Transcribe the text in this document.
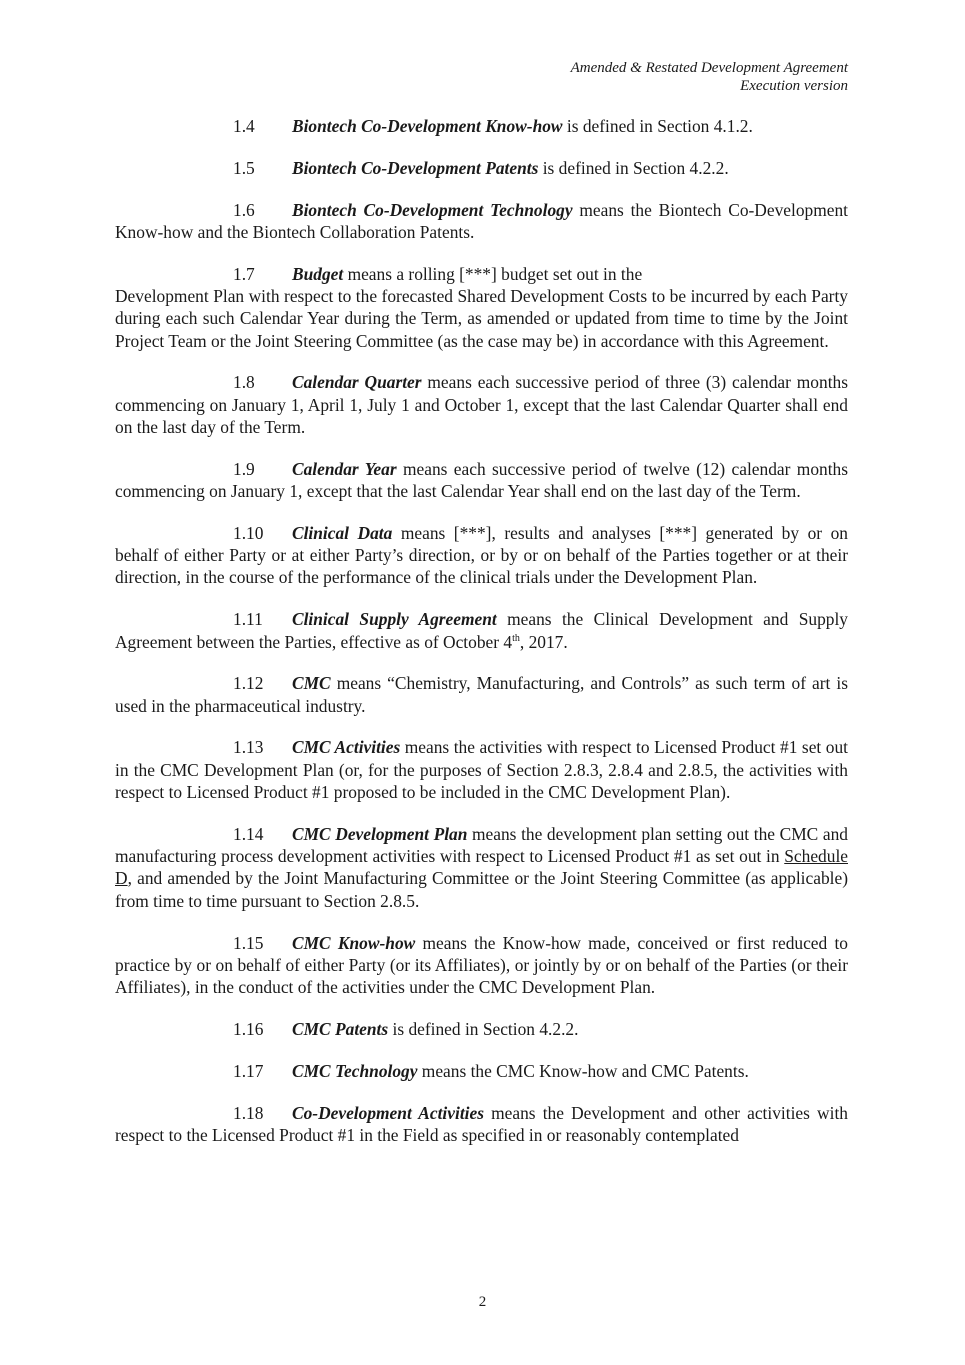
Amended & Restated Development Agreement
Execution version

1.4 Biontech Co-Development Know-how is defined in Section 4.1.2.

1.5 Biontech Co-Development Patents is defined in Section 4.2.2.

1.6 Biontech Co-Development Technology means the Biontech Co-Development Know-how and the Biontech Collaboration Patents.

1.7 Budget means a rolling [***] budget set out in the
Development Plan with respect to the forecasted Shared Development Costs to be incurred by each Party during each such Calendar Year during the Term, as amended or updated from time to time by the Joint Project Team or the Joint Steering Committee (as the case may be) in accordance with this Agreement.

1.8 Calendar Quarter means each successive period of three (3) calendar months commencing on January 1, April 1, July 1 and October 1, except that the last Calendar Quarter shall end on the last day of the Term.

1.9 Calendar Year means each successive period of twelve (12) calendar months commencing on January 1, except that the last Calendar Year shall end on the last day of the Term.

1.10 Clinical Data means [***], results and analyses [***] generated by or on behalf of either Party or at either Party’s direction, or by or on behalf of the Parties together or at their direction, in the course of the performance of the clinical trials under the Development Plan.

1.11 Clinical Supply Agreement means the Clinical Development and Supply Agreement between the Parties, effective as of October 4th, 2017.

1.12 CMC means “Chemistry, Manufacturing, and Controls” as such term of art is used in the pharmaceutical industry.

1.13 CMC Activities means the activities with respect to Licensed Product #1 set out in the CMC Development Plan (or, for the purposes of Section 2.8.3, 2.8.4 and 2.8.5, the activities with respect to Licensed Product #1 proposed to be included in the CMC Development Plan).

1.14 CMC Development Plan means the development plan setting out the CMC and manufacturing process development activities with respect to Licensed Product #1 as set out in Schedule D, and amended by the Joint Manufacturing Committee or the Joint Steering Committee (as applicable) from time to time pursuant to Section 2.8.5.

1.15 CMC Know-how means the Know-how made, conceived or first reduced to practice by or on behalf of either Party (or its Affiliates), or jointly by or on behalf of the Parties (or their Affiliates), in the conduct of the activities under the CMC Development Plan.

1.16 CMC Patents is defined in Section 4.2.2.

1.17 CMC Technology means the CMC Know-how and CMC Patents.

1.18 Co-Development Activities means the Development and other activities with respect to the Licensed Product #1 in the Field as specified in or reasonably contemplated

2
